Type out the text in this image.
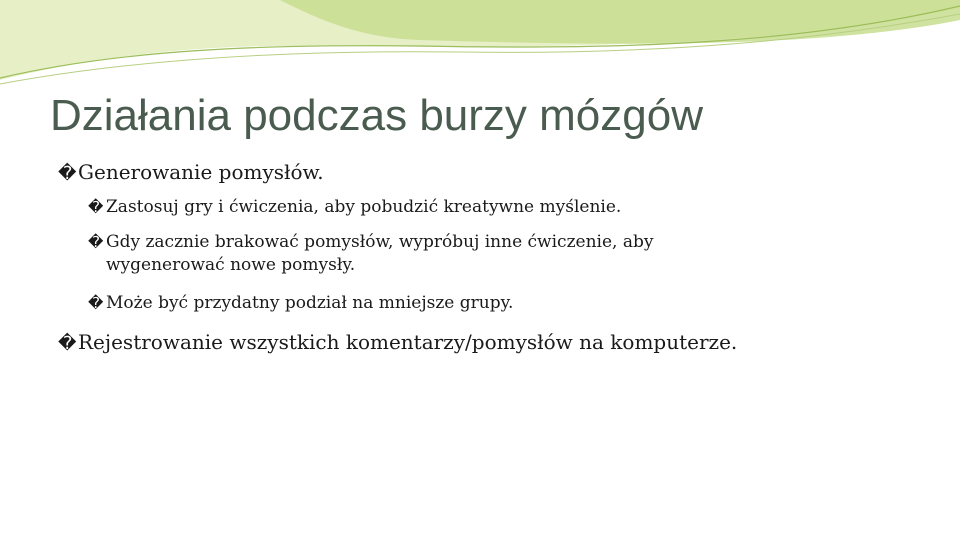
Działania podczas burzy mózgów
�Generowanie pomysłów.
� Zastosuj gry i ćwiczenia, aby pobudzić kreatywne myślenie.
� Gdy zacznie brakować pomysłów, wypróbuj inne ćwiczenie, aby
wygenerować nowe pomysły.
� Może być przydatny podział na mniejsze grupy.
�Rejestrowanie wszystkich komentarzy/pomysłów na komputerze.
